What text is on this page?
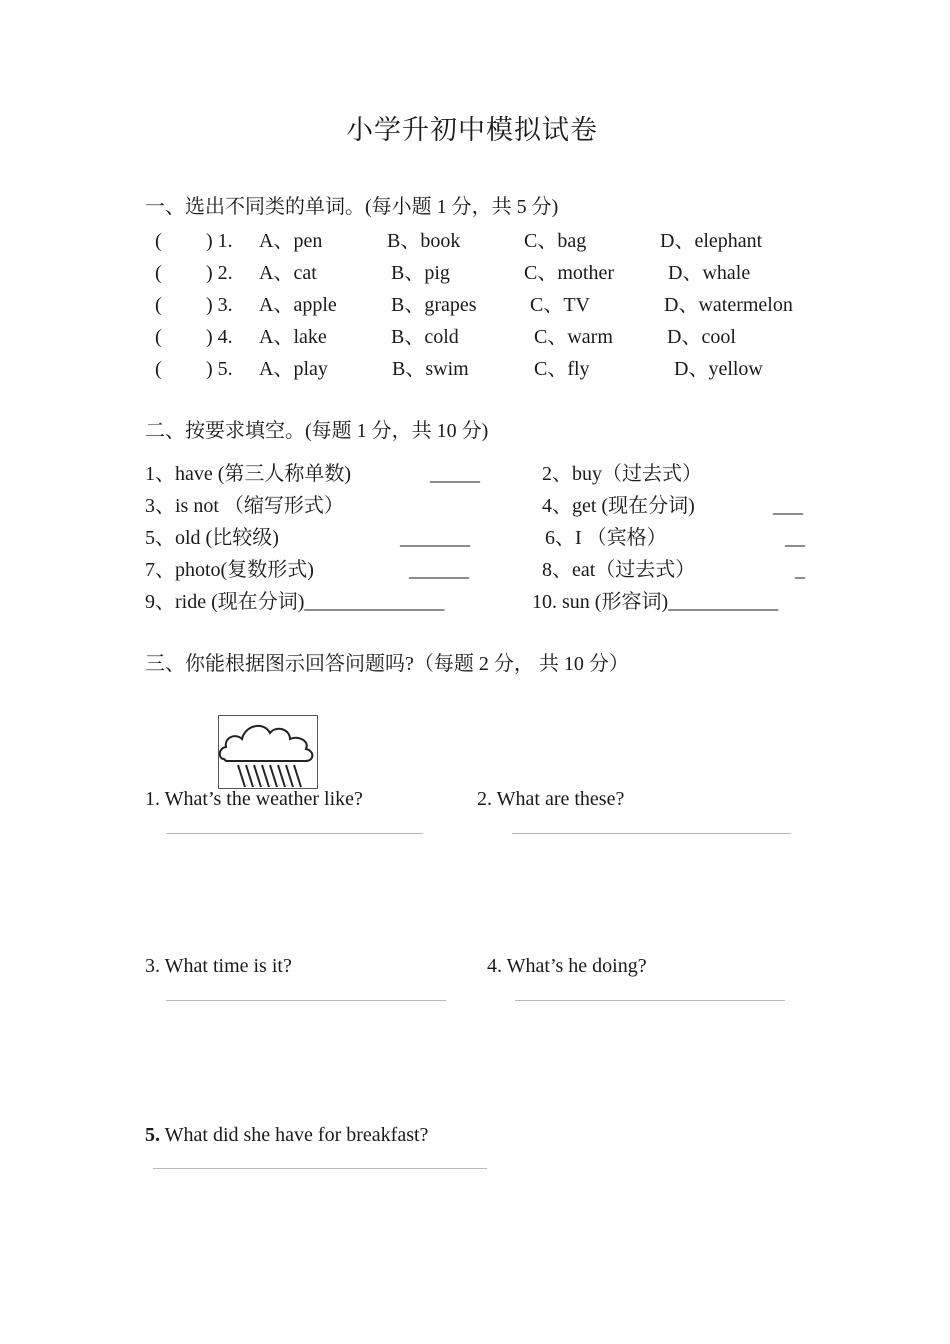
小学升初中模拟试卷
一、选出不同类的单词。(每小题 1 分，共 5 分)
( ) 1. A、pen	B、book	C、bag	D、elephant
( ) 2. A、cat	B、pig	C、mother	D、whale
( ) 3. A、apple	B、grapes	C、TV	D、watermelon
( ) 4. A、lake	B、cold	C、warm	D、cool
( ) 5. A、play	B、swim	C、fly	D、yellow
二、按要求填空。(每题 1 分，共 10 分)
1、have (第三人称单数)	_____	2、buy（过去式）
3、is not （缩写形式）	4、get (现在分词)	___
5、old (比较级)	_______	6、I （宾格）	__
7、photo(复数形式)	______	8、eat（过去式）	_
9、ride (现在分词)______________	10. sun (形容词)___________
三、你能根据图示回答问题吗?（每题 2 分， 共 10 分）
1. What’s the weather like?	2. What are these?
3. What time is it?	4. What’s he doing?
5. What did she have for breakfast?
